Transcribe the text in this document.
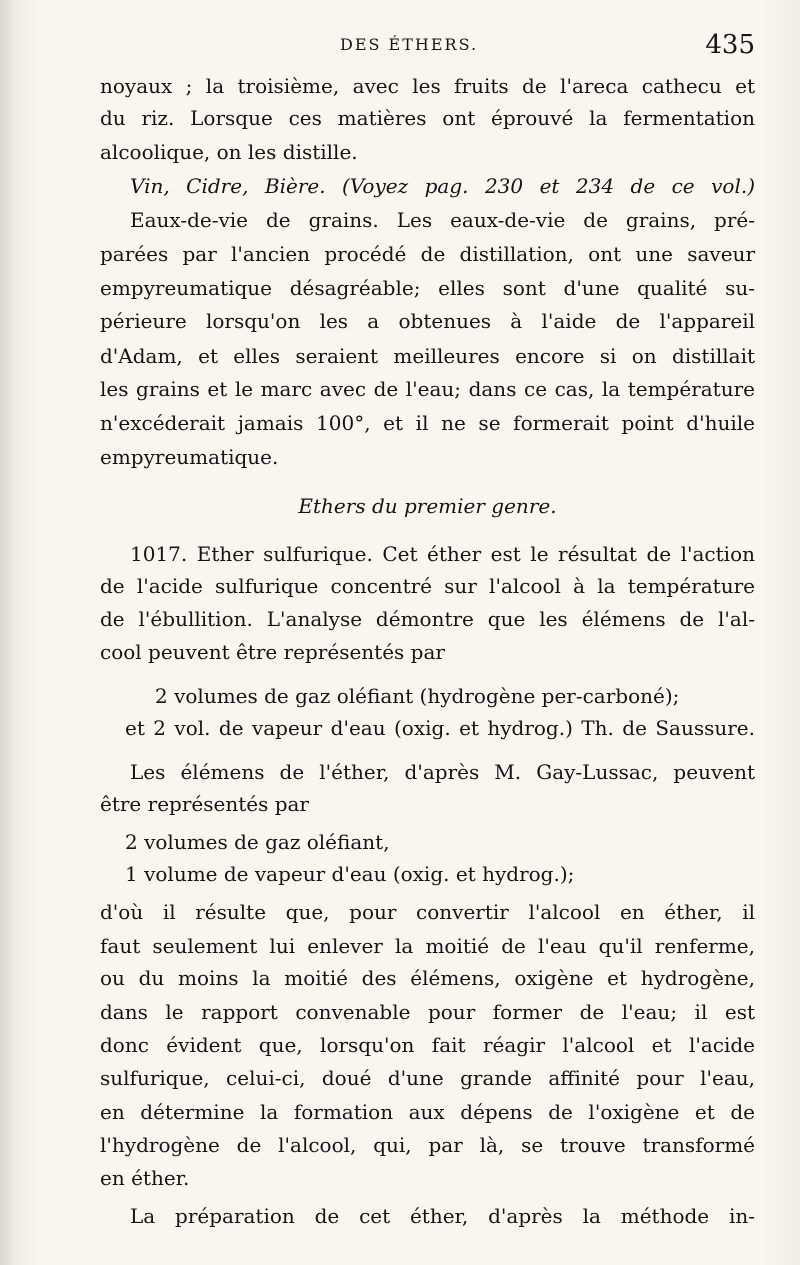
DES ÉTHERS.	435
noyaux ; la troisième, avec les fruits de l'areca cathecu et
du riz. Lorsque ces matières ont éprouvé la fermentation
alcoolique, on les distille.
Vin, Cidre, Bière. (Voyez pag. 230 et 234 de ce vol.)
Eaux-de-vie de grains. Les eaux-de-vie de grains, pré-
parées par l'ancien procédé de distillation, ont une saveur
empyreumatique désagréable; elles sont d'une qualité su-
périeure lorsqu'on les a obtenues à l'aide de l'appareil
d'Adam, et elles seraient meilleures encore si on distillait
les grains et le marc avec de l'eau; dans ce cas, la température
n'excéderait jamais 100°, et il ne se formerait point d'huile
empyreumatique.
Ethers du premier genre.
1017. Ether sulfurique. Cet éther est le résultat de l'action
de l'acide sulfurique concentré sur l'alcool à la température
de l'ébullition. L'analyse démontre que les élémens de l'al-
cool peuvent être représentés par
2 volumes de gaz oléfiant (hydrogène per-carboné);
et 2 vol. de vapeur d'eau (oxig. et hydrog.) Th. de Saussure.
Les élémens de l'éther, d'après M. Gay-Lussac, peuvent
être représentés par
2 volumes de gaz oléfiant,
1 volume de vapeur d'eau (oxig. et hydrog.);
d'où il résulte que, pour convertir l'alcool en éther, il
faut seulement lui enlever la moitié de l'eau qu'il renferme,
ou du moins la moitié des élémens, oxigène et hydrogène,
dans le rapport convenable pour former de l'eau; il est
donc évident que, lorsqu'on fait réagir l'alcool et l'acide
sulfurique, celui-ci, doué d'une grande affinité pour l'eau,
en détermine la formation aux dépens de l'oxigène et de
l'hydrogène de l'alcool, qui, par là, se trouve transformé
en éther.
La préparation de cet éther, d'après la méthode in-
